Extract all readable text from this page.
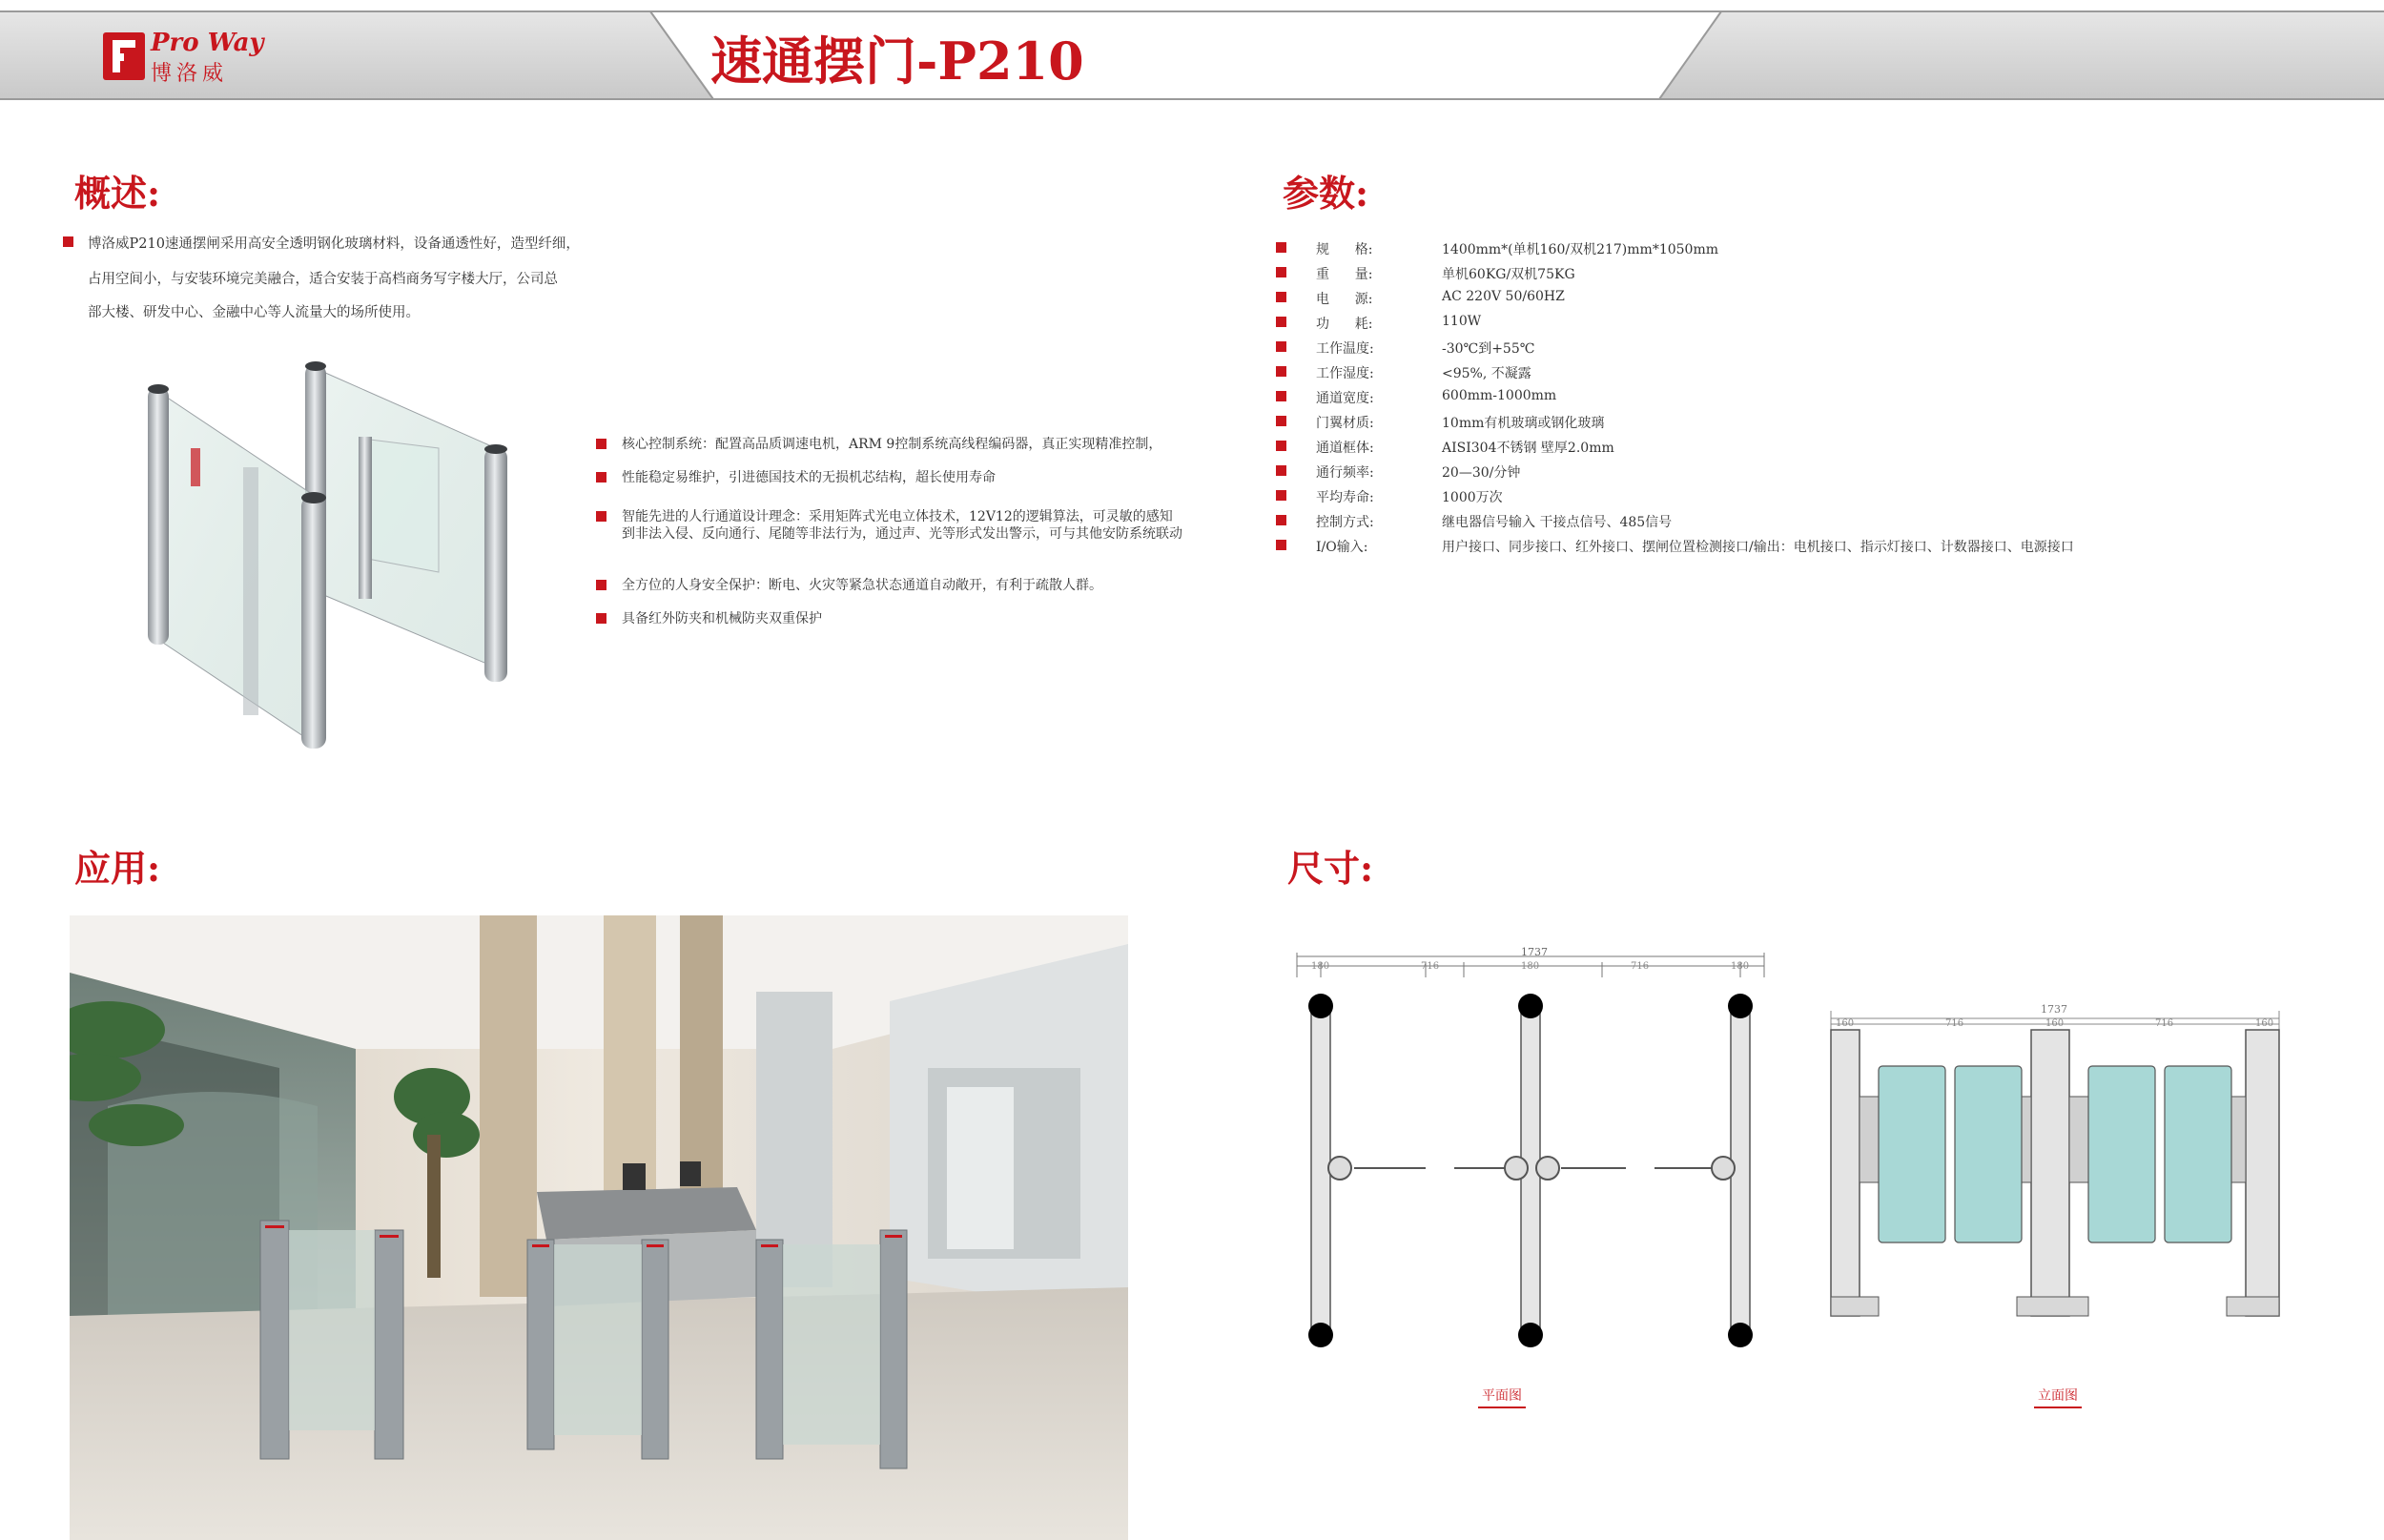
Pro Way
博洛威	速通摆门-P210
概述:
博洛威P210速通摆闸采用高安全透明钢化玻璃材料，设备通透性好，造型纤细，
占用空间小，与安装环境完美融合，适合安装于高档商务写字楼大厅，公司总
部大楼、研发中心、金融中心等人流量大的场所使用。
核心控制系统：配置高品质调速电机，ARM 9控制系统高线程编码器，真正实现精准控制，
性能稳定易维护，引进德国技术的无损机芯结构，超长使用寿命
智能先进的人行通道设计理念：采用矩阵式光电立体技术，12V12的逻辑算法，可灵敏的感知到非法入侵、反向通行、尾随等非法行为，通过声、光等形式发出警示，可与其他安防系统联动
全方位的人身安全保护：断电、火灾等紧急状态通道自动敞开，有利于疏散人群。
具备红外防夹和机械防夹双重保护
参数:
规      格:	1400mm*(单机160/双机217)mm*1050mm
重      量:	单机60KG/双机75KG
电      源:	AC 220V 50/60HZ
功      耗:	110W
工作温度:	-30℃到+55℃
工作湿度:	<95%, 不凝露
通道宽度:	600mm-1000mm
门翼材质:	10mm有机玻璃或钢化玻璃
通道框体:	AISI304不锈钢 壁厚2.0mm
通行频率:	20—30/分钟
平均寿命:	1000万次
控制方式:	继电器信号输入 干接点信号、485信号
I/O输入:	用户接口、同步接口、红外接口、摆闸位置检测接口/输出：电机接口、指示灯接口、计数器接口、电源接口
应用:	尺寸:
1737
180	716	180	716	180
1737
160	716	160	716	160
平面图	立面图
